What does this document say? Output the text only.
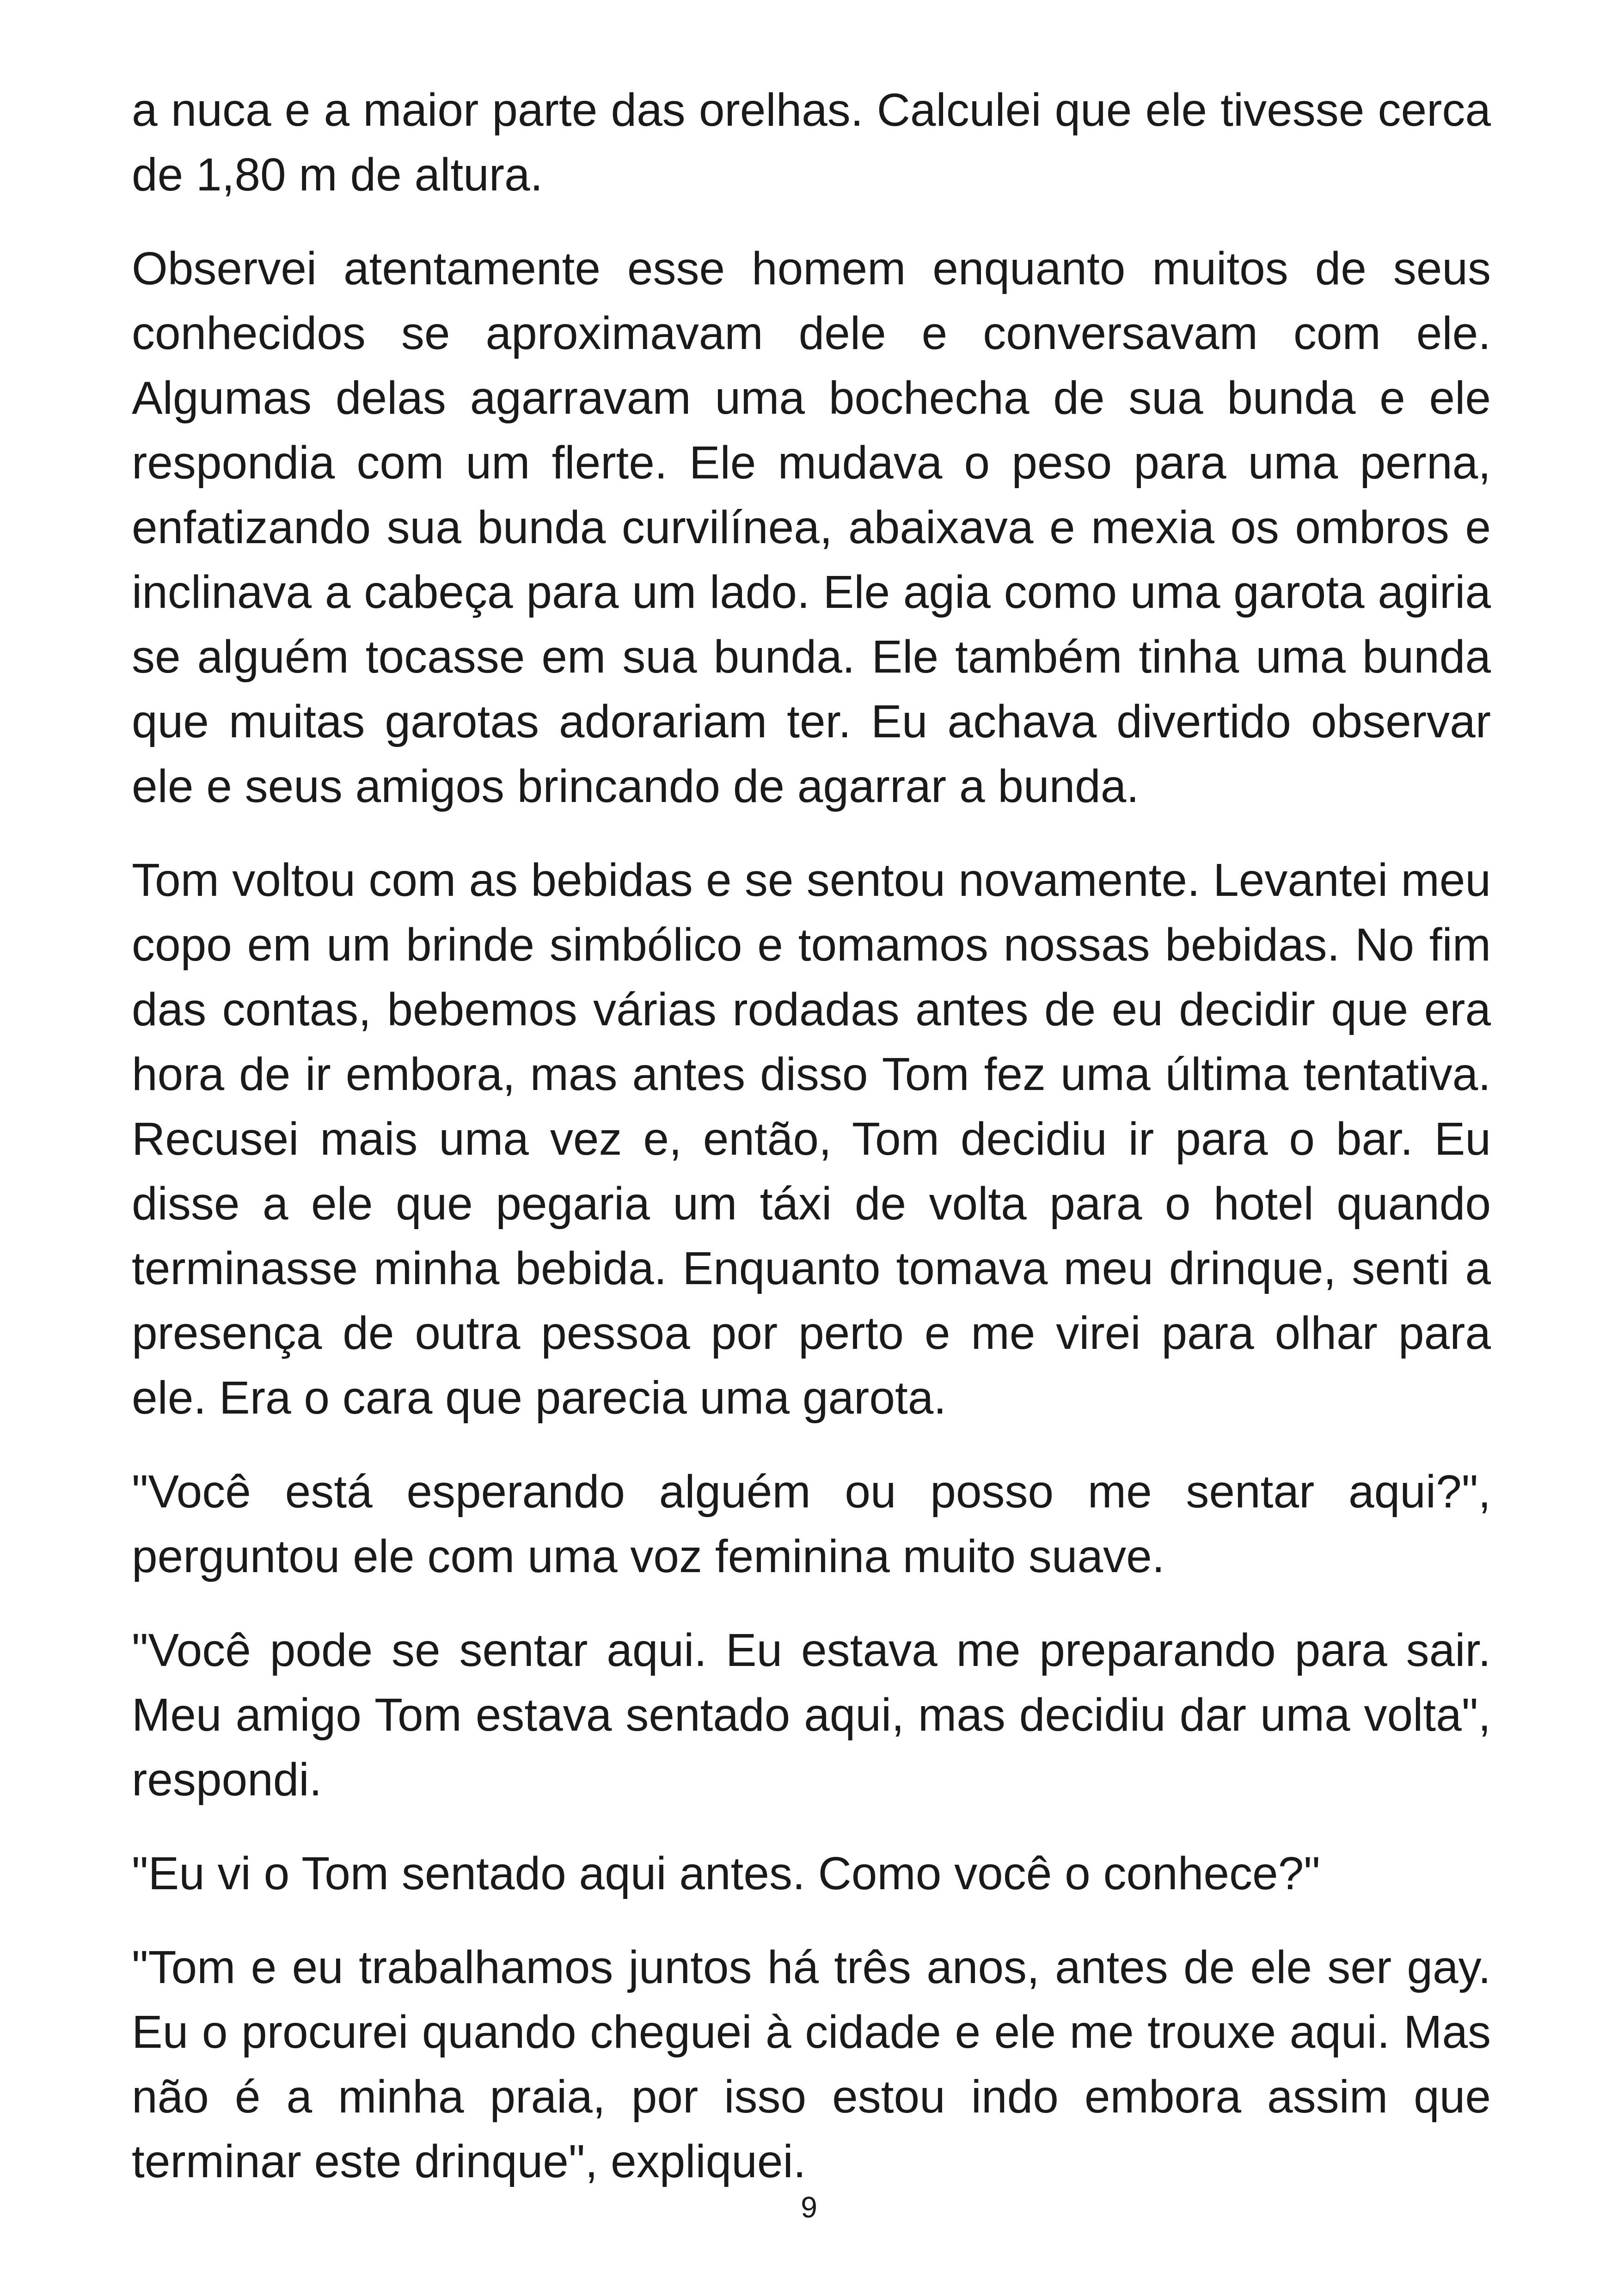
a nuca e a maior parte das orelhas. Calculei que ele tivesse cerca de 1,80 m de altura.

Observei atentamente esse homem enquanto muitos de seus conhecidos se aproximavam dele e conversavam com ele. Algumas delas agarravam uma bochecha de sua bunda e ele respondia com um flerte. Ele mudava o peso para uma perna, enfatizando sua bunda curvilínea, abaixava e mexia os ombros e inclinava a cabeça para um lado. Ele agia como uma garota agiria se alguém tocasse em sua bunda. Ele também tinha uma bunda que muitas garotas adorariam ter. Eu achava divertido observar ele e seus amigos brincando de agarrar a bunda.

Tom voltou com as bebidas e se sentou novamente. Levantei meu copo em um brinde simbólico e tomamos nossas bebidas. No fim das contas, bebemos várias rodadas antes de eu decidir que era hora de ir embora, mas antes disso Tom fez uma última tentativa. Recusei mais uma vez e, então, Tom decidiu ir para o bar. Eu disse a ele que pegaria um táxi de volta para o hotel quando terminasse minha bebida. Enquanto tomava meu drinque, senti a presença de outra pessoa por perto e me virei para olhar para ele. Era o cara que parecia uma garota.

"Você está esperando alguém ou posso me sentar aqui?", perguntou ele com uma voz feminina muito suave.

"Você pode se sentar aqui. Eu estava me preparando para sair. Meu amigo Tom estava sentado aqui, mas decidiu dar uma volta", respondi.

"Eu vi o Tom sentado aqui antes. Como você o conhece?"

"Tom e eu trabalhamos juntos há três anos, antes de ele ser gay. Eu o procurei quando cheguei à cidade e ele me trouxe aqui. Mas não é a minha praia, por isso estou indo embora assim que terminar este drinque", expliquei.

9
